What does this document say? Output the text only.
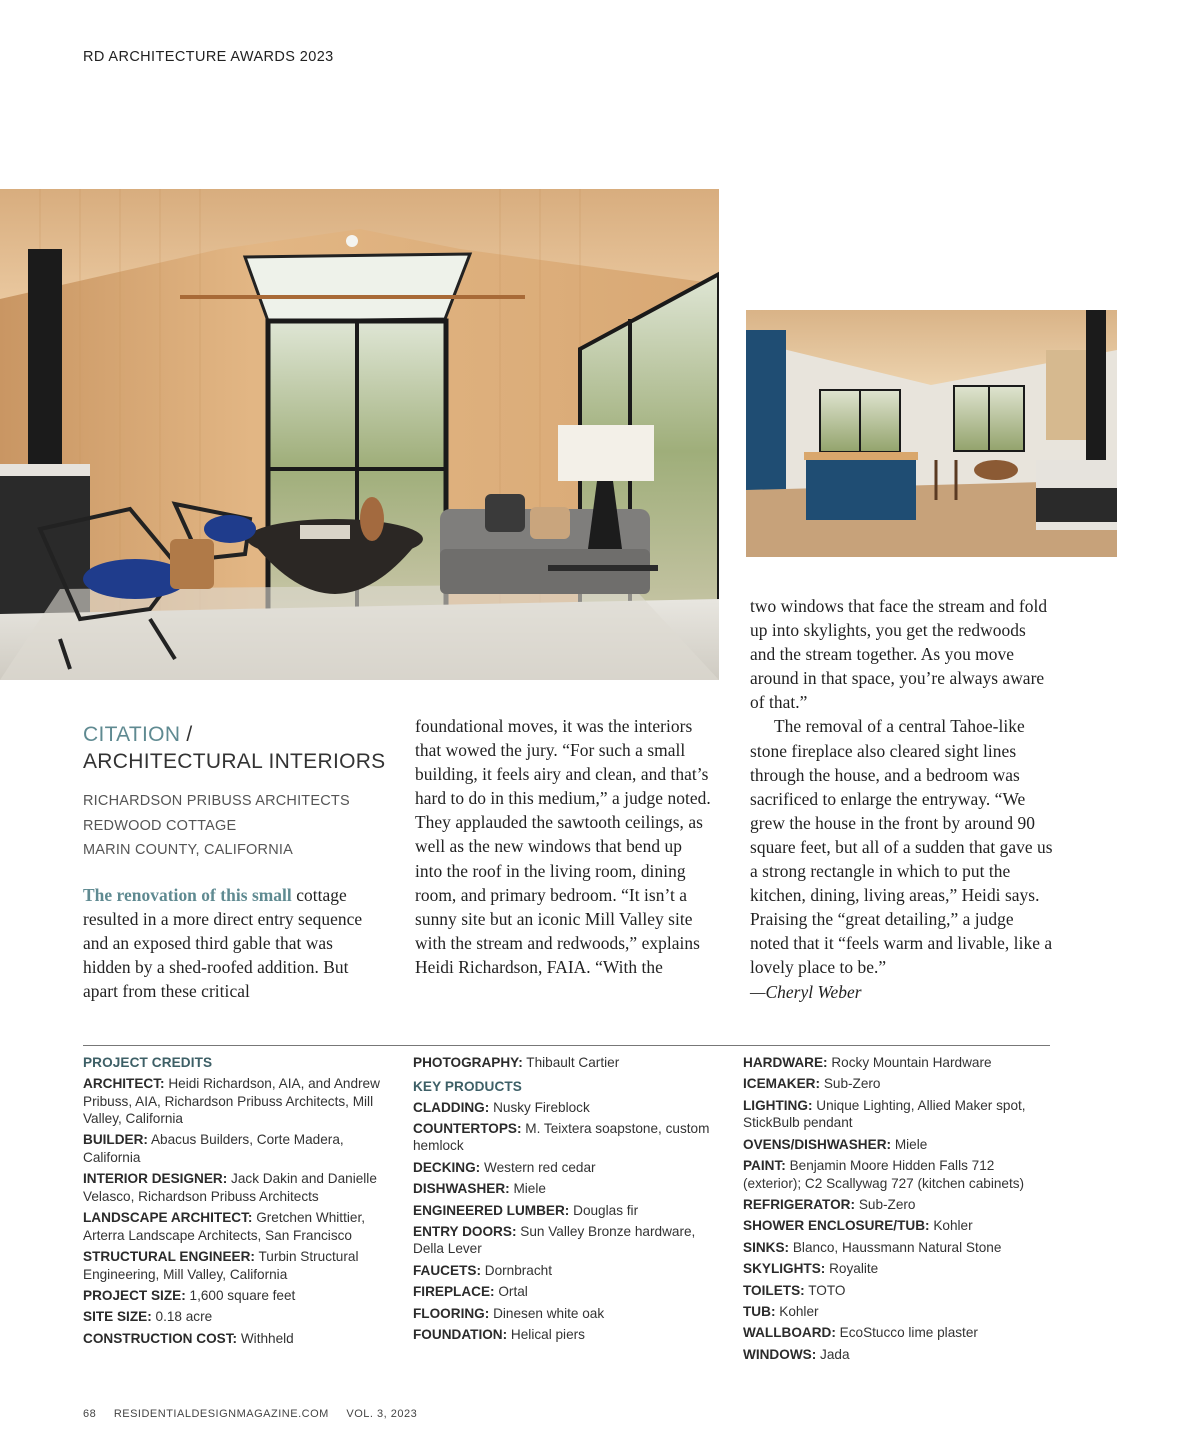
RD ARCHITECTURE AWARDS 2023
CITATION /
ARCHITECTURAL INTERIORS
RICHARDSON PRIBUSS ARCHITECTS
REDWOOD COTTAGE
MARIN COUNTY, CALIFORNIA
The renovation of this small cottage resulted in a more direct entry sequence and an exposed third gable that was hidden by a shed-roofed addition. But apart from these critical
foundational moves, it was the interiors that wowed the jury. “For such a small building, it feels airy and clean, and that’s hard to do in this medium,” a judge noted. They applauded the sawtooth ceilings, as well as the new windows that bend up into the roof in the living room, dining room, and primary bedroom. “It isn’t a sunny site but an iconic Mill Valley site with the stream and redwoods,” explains Heidi Richardson, FAIA. “With the
two windows that face the stream and fold up into skylights, you get the redwoods and the stream together. As you move around in that space, you’re always aware of that.”
The removal of a central Tahoe-like stone fireplace also cleared sight lines through the house, and a bedroom was sacrificed to enlarge the entryway. “We grew the house in the front by around 90 square feet, but all of a sudden that gave us a strong rectangle in which to put the kitchen, dining, living areas,” Heidi says. Praising the “great detailing,” a judge noted that it “feels warm and livable, like a lovely place to be.”
—Cheryl Weber
PROJECT CREDITS
ARCHITECT: Heidi Richardson, AIA, and Andrew Pribuss, AIA, Richardson Pribuss Architects, Mill Valley, California
BUILDER: Abacus Builders, Corte Madera, California
INTERIOR DESIGNER: Jack Dakin and Danielle Velasco, Richardson Pribuss Architects
LANDSCAPE ARCHITECT: Gretchen Whittier, Arterra Landscape Architects, San Francisco
STRUCTURAL ENGINEER: Turbin Structural Engineering, Mill Valley, California
PROJECT SIZE: 1,600 square feet
SITE SIZE: 0.18 acre
CONSTRUCTION COST: Withheld
PHOTOGRAPHY: Thibault Cartier
KEY PRODUCTS
CLADDING: Nusky Fireblock
COUNTERTOPS: M. Teixtera soapstone, custom hemlock
DECKING: Western red cedar
DISHWASHER: Miele
ENGINEERED LUMBER: Douglas fir
ENTRY DOORS: Sun Valley Bronze hardware, Della Lever
FAUCETS: Dornbracht
FIREPLACE: Ortal
FLOORING: Dinesen white oak
FOUNDATION: Helical piers
HARDWARE: Rocky Mountain Hardware
ICEMAKER: Sub-Zero
LIGHTING: Unique Lighting, Allied Maker spot, StickBulb pendant
OVENS/DISHWASHER: Miele
PAINT: Benjamin Moore Hidden Falls 712 (exterior); C2 Scallywag 727 (kitchen cabinets)
REFRIGERATOR: Sub-Zero
SHOWER ENCLOSURE/TUB: Kohler
SINKS: Blanco, Haussmann Natural Stone
SKYLIGHTS: Royalite
TOILETS: TOTO
TUB: Kohler
WALLBOARD: EcoStucco lime plaster
WINDOWS: Jada
68 RESIDENTIALDESIGNMAGAZINE.COM VOL. 3, 2023
